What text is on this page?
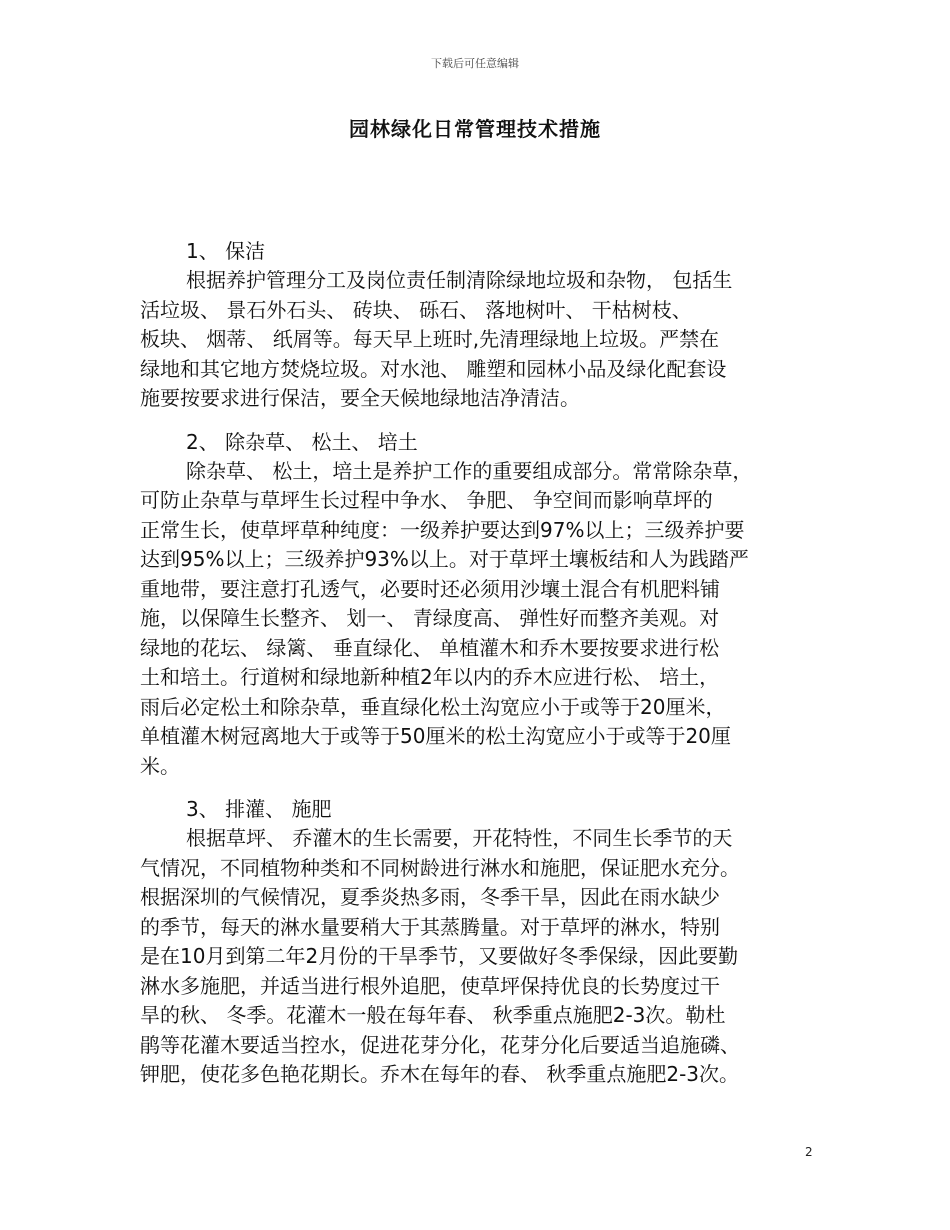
下载后可任意编辑
园林绿化日常管理技术措施
1、 保洁
根据养护管理分工及岗位责任制清除绿地垃圾和杂物， 包括生
活垃圾、 景石外石头、 砖块、 砾石、 落地树叶、 干枯树枝、
板块、 烟蒂、 纸屑等。每天早上班时,先清理绿地上垃圾。严禁在
绿地和其它地方焚烧垃圾。对水池、 雕塑和园林小品及绿化配套设
施要按要求进行保洁，要全天候地绿地洁净清洁。
2、 除杂草、 松土、 培土
除杂草、 松土，培土是养护工作的重要组成部分。常常除杂草，
可防止杂草与草坪生长过程中争水、 争肥、 争空间而影响草坪的
正常生长，使草坪草种纯度：一级养护要达到97%以上；三级养护要
达到95%以上；三级养护93%以上。对于草坪土壤板结和人为践踏严
重地带，要注意打孔透气，必要时还必须用沙壤土混合有机肥料铺
施，以保障生长整齐、 划一、 青绿度高、 弹性好而整齐美观。对
绿地的花坛、 绿篱、 垂直绿化、 单植灌木和乔木要按要求进行松
土和培土。行道树和绿地新种植2年以内的乔木应进行松、 培土，
雨后必定松土和除杂草，垂直绿化松土沟宽应小于或等于20厘米，
单植灌木树冠离地大于或等于50厘米的松土沟宽应小于或等于20厘
米。
3、 排灌、 施肥
根据草坪、 乔灌木的生长需要，开花特性，不同生长季节的天
气情况，不同植物种类和不同树龄进行淋水和施肥，保证肥水充分。
根据深圳的气候情况，夏季炎热多雨，冬季干旱，因此在雨水缺少
的季节，每天的淋水量要稍大于其蒸腾量。对于草坪的淋水，特别
是在10月到第二年2月份的干旱季节，又要做好冬季保绿，因此要勤
淋水多施肥，并适当进行根外追肥，使草坪保持优良的长势度过干
旱的秋、 冬季。花灌木一般在每年春、 秋季重点施肥2-3次。勒杜
鹃等花灌木要适当控水，促进花芽分化，花芽分化后要适当追施磷、
钾肥，使花多色艳花期长。乔木在每年的春、 秋季重点施肥2-3次。
2
